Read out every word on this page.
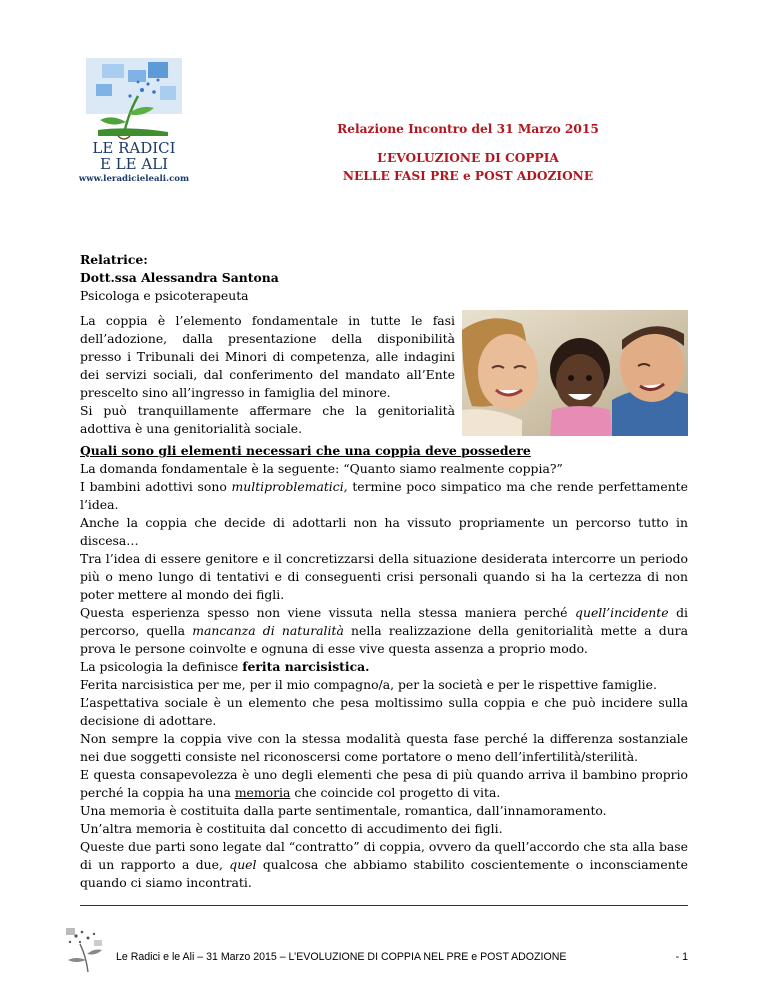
LE RADICI
E LE ALI
www.leradicieleali.com
Relazione Incontro del 31 Marzo 2015
L’EVOLUZIONE DI COPPIA
NELLE FASI PRE e POST ADOZIONE
Relatrice:
Dott.ssa Alessandra Santona
Psicologa e psicoterapeuta

La coppia è l’elemento fondamentale in tutte le fasi dell’adozione, dalla presentazione della disponibilità presso i Tribunali dei Minori di competenza, alle indagini dei servizi sociali, dal conferimento del mandato all’Ente prescelto sino all’ingresso in famiglia del minore.

Si può tranquillamente affermare che la genitorialità adottiva è una genitorialità sociale.

Quali sono gli elementi necessari che una coppia deve possedere

La domanda fondamentale è la seguente: “Quanto siamo realmente coppia?”

I bambini adottivi sono multiproblematici, termine poco simpatico ma che rende perfettamente l’idea.

Anche la coppia che decide di adottarli non ha vissuto propriamente un percorso tutto in discesa…

Tra l’idea di essere genitore e il concretizzarsi della situazione desiderata intercorre un periodo più o meno lungo di tentativi e di conseguenti crisi personali quando si ha la certezza di non poter mettere al mondo dei figli.

Questa esperienza spesso non viene vissuta nella stessa maniera perché quell’incidente di percorso, quella mancanza di naturalità nella realizzazione della genitorialità mette a dura prova le persone coinvolte e ognuna di esse vive questa assenza a proprio modo.

La psicologia la definisce ferita narcisistica.

Ferita narcisistica per me, per il mio compagno/a, per la società e per le rispettive famiglie.

L’aspettativa sociale è un elemento che pesa moltissimo sulla coppia e che può incidere sulla decisione di adottare.

Non sempre la coppia vive con la stessa modalità questa fase perché la differenza sostanziale nei due soggetti consiste nel riconoscersi come portatore o meno dell’infertilità/sterilità.

E questa consapevolezza è uno degli elementi che pesa di più quando arriva il bambino proprio perché la coppia ha una memoria che coincide col progetto di vita.

Una memoria è costituita dalla parte sentimentale, romantica, dall’innamoramento.

Un’altra memoria è costituita dal concetto di accudimento dei figli.

Queste due parti sono legate dal “contratto” di coppia, ovvero da quell’accordo che sta alla base di un rapporto a due, quel qualcosa che abbiamo stabilito coscientemente o inconsciamente quando ci siamo incontrati.

Le Radici e le Ali – 31 Marzo 2015 – L’EVOLUZIONE DI COPPIA NEL PRE e POST ADOZIONE	- 1
